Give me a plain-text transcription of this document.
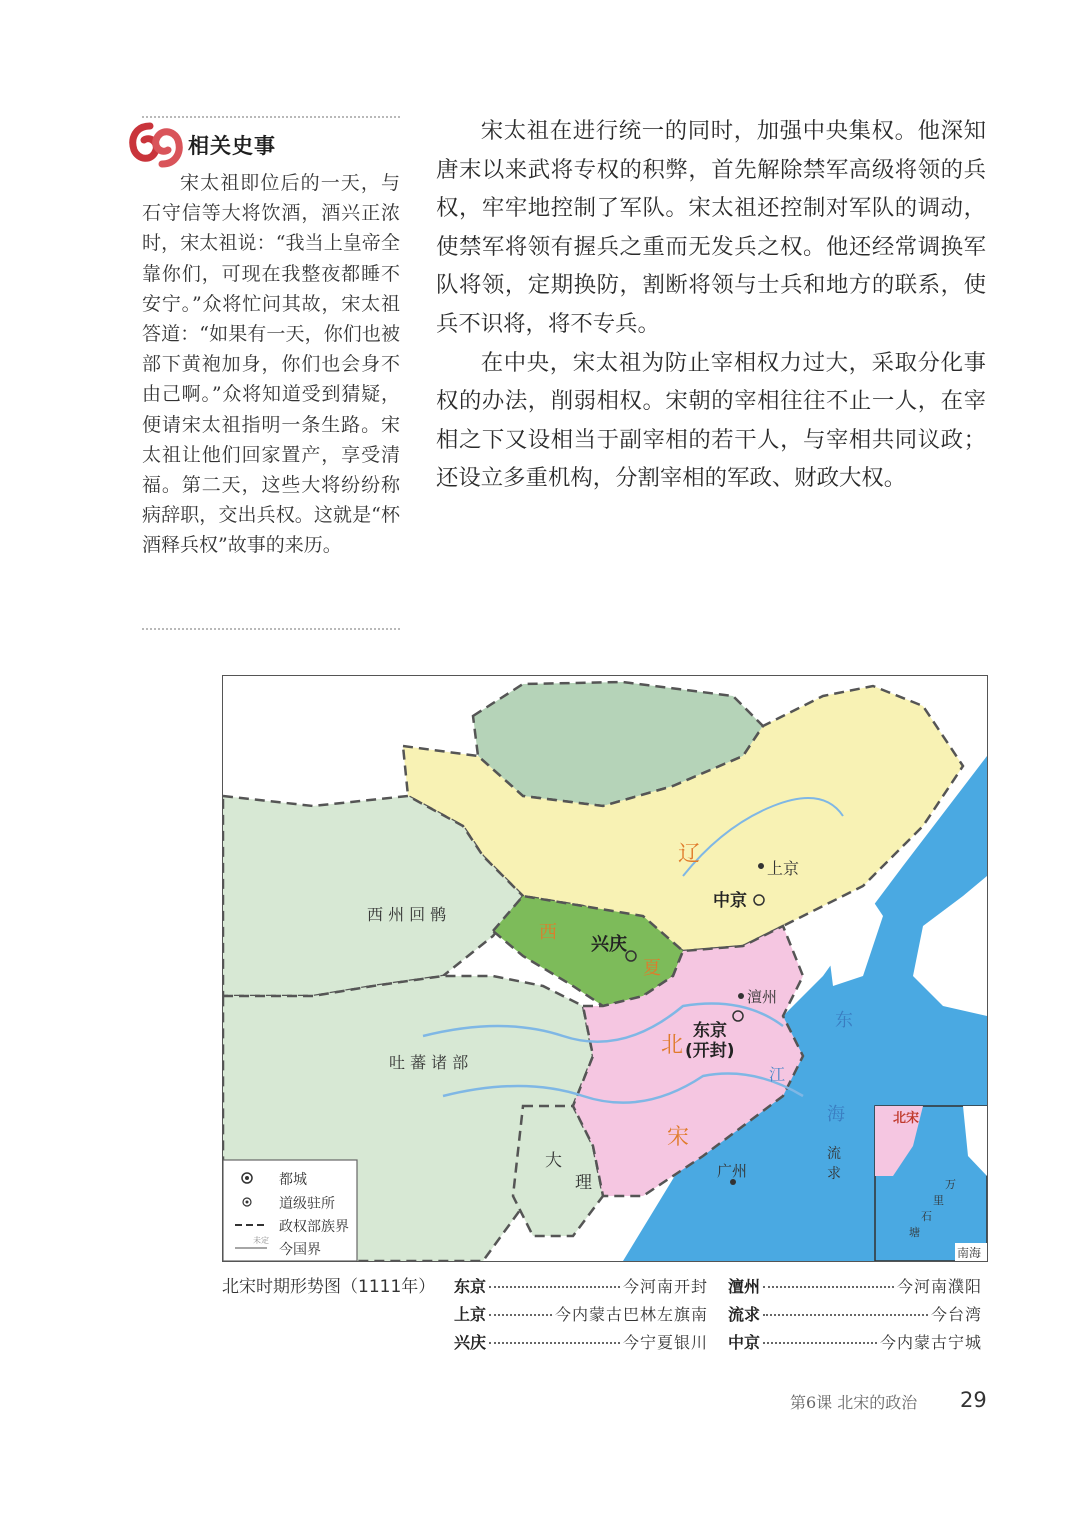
相关史事

宋太祖即位后的一天，与石守信等大将饮酒，酒兴正浓时，宋太祖说：“我当上皇帝全靠你们，可现在我整夜都睡不安宁。”众将忙问其故，宋太祖答道：“如果有一天，你们也被部下黄袍加身，你们也会身不由己啊。”众将知道受到猜疑，便请宋太祖指明一条生路。宋太祖让他们回家置产，享受清福。第二天，这些大将纷纷称病辞职，交出兵权。这就是“杯酒释兵权”故事的来历。

宋太祖在进行统一的同时，加强中央集权。他深知唐末以来武将专权的积弊，首先解除禁军高级将领的兵权，牢牢地控制了军队。宋太祖还控制对军队的调动，使禁军将领有握兵之重而无发兵之权。他还经常调换军队将领，定期换防，割断将领与士兵和地方的联系，使兵不识将，将不专兵。

在中央，宋太祖为防止宰相权力过大，采取分化事权的办法，削弱相权。宋朝的宰相往往不止一人，在宰相之下又设相当于副宰相的若干人，与宰相共同议政；还设立多重机构，分割宰相的军政、财政大权。

未定
都城
道级驻所
政权部族界
今国界
辽
上京
中京
西 州 回 鹘
西
兴庆
夏
吐 蕃 诸 部
澶州
东京
(开封)
北
宋
江
广州
大
理
流
求
海
东
北宋
万
里
石
塘
南海
北宋时期形势图（1111年） 东京	今河南开封 澶州	今河南濮阳
上京	今内蒙古巴林左旗南 流求	今台湾
兴庆	今宁夏银川 中京	今内蒙古宁城
第6课 北宋的政治 29
